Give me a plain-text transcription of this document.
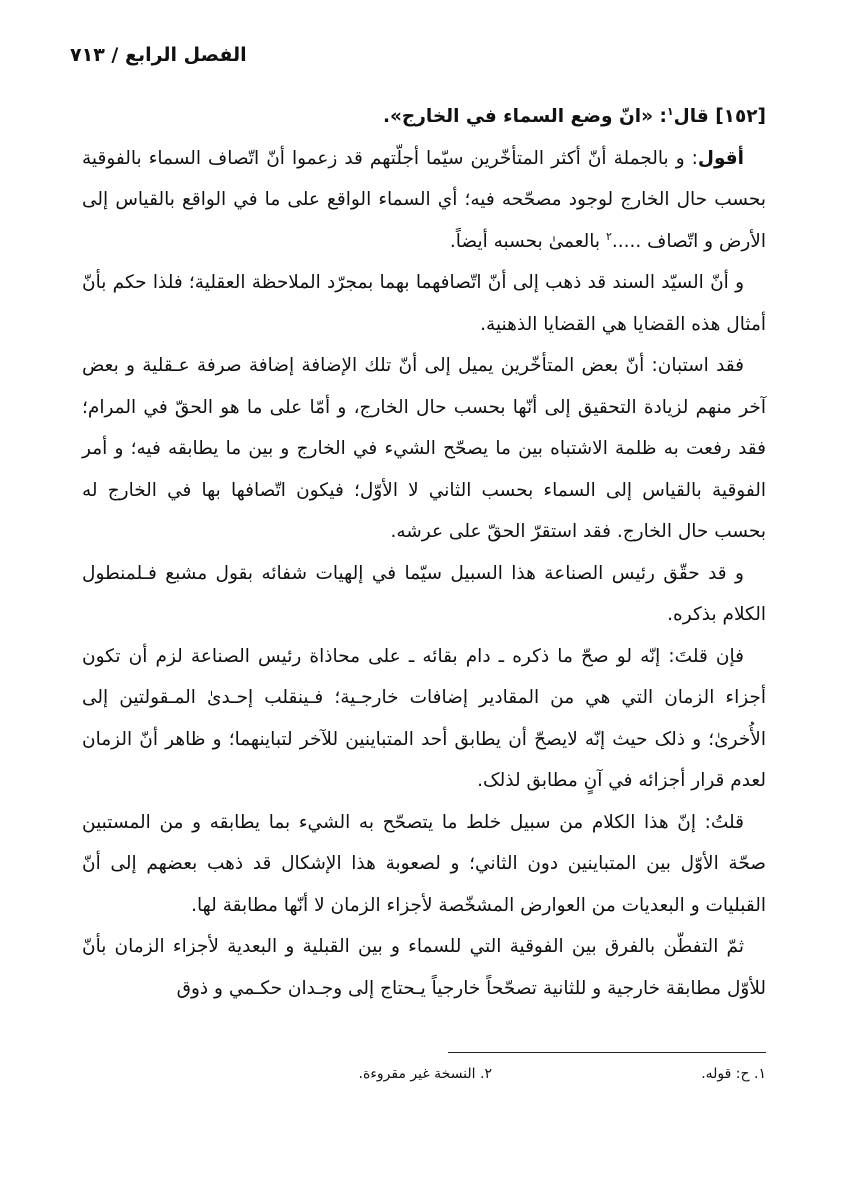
الفصل الرابع / ٧١٣

[١٥٢] قال$^١$: «انّ وضع السماء في الخارج».

أقول: و بالجملة أنّ أكثر المتأخّرين سيّما أجلّتهم قد زعموا أنّ اتّصاف السماء بالفوقية بحسب حال الخارج لوجود مصحّحه فيه؛ أي السماء الواقع على ما في الواقع بالقياس إلى الأرض و اتّصاف .....$^٢$ بالعمىٰ بحسبه أيضاً.

و أنّ السيّد السند قد ذهب إلى أنّ اتّصافهما بهما بمجرّد الملاحظة العقلية؛ فلذا حكم بأنّ أمثال هذه القضايا هي القضايا الذهنية.

فقد استبان: أنّ بعض المتأخّرين يميل إلى أنّ تلك الإضافة إضافة صرفة عـقلية و بعض آخر منهم لزيادة التحقيق إلى أنّها بحسب حال الخارج، و أمّا على ما هو الحقّ في المرام؛ فقد رفعت به ظلمة الاشتباه بين ما يصحّح الشيء في الخارج و بين ما يطابقه فيه؛ و أمر الفوقية بالقياس إلى السماء بحسب الثاني لا الأوّل؛ فيكون اتّصافها بها في الخارج له بحسب حال الخارج. فقد استقرّ الحقّ على عرشه.

و قد حقّق رئيس الصناعة هذا السبيل سيّما في إلهيات شفائه بقول مشبع فـلمنطول الكلام بذكره.

فإن قلتَ: إنّه لو صحّ ما ذكره ـ دام بقائه ـ على محاذاة رئيس الصناعة لزم أن تكون أجزاء الزمان التي هي من المقادير إضافات خارجـية؛ فـينقلب إحـدىٰ المـقولتين إلى الأُخرىٰ؛ و ذلک حيث إنّه لايصحّ أن يطابق أحد المتباينين للآخر لتباينهما؛ و ظاهر أنّ الزمان لعدم قرار أجزائه في آنٍ مطابق لذلک.

قلتُ: إنّ هذا الكلام من سبيل خلط ما يتصحّح به الشيء بما يطابقه و من المستبين صحّة الأوّل بين المتباينين دون الثاني؛ و لصعوبة هذا الإشكال قد ذهب بعضهم إلى أنّ القبليات و البعديات من العوارض المشخّصة لأجزاء الزمان لا أنّها مطابقة لها.

ثمّ التفطّن بالفرق بين الفوقية التي للسماء و بين القبلية و البعدية لأجزاء الزمان بأنّ للأوّل مطابقة خارجية و للثانية تصحّحاً خارجياً يـحتاج إلى وجـدان حكـمي و ذوق

١. ح: قوله.
٢. النسخة غير مقروءة.
